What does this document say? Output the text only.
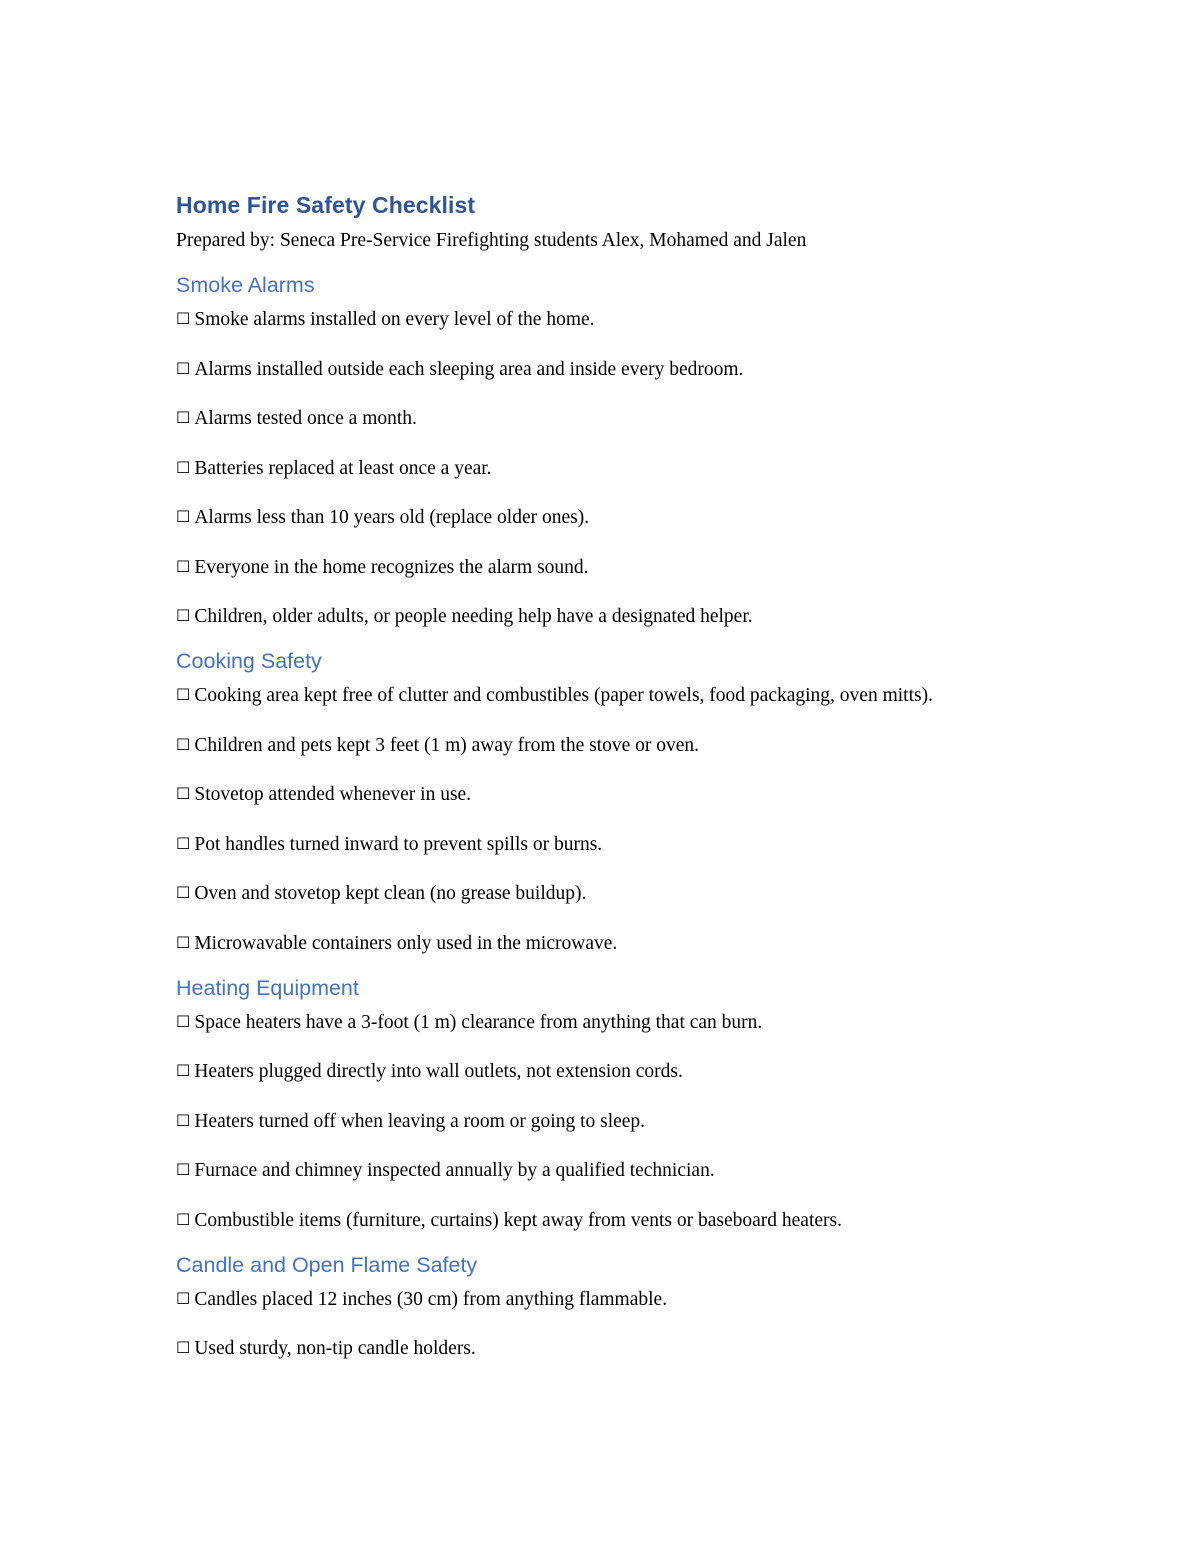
Home Fire Safety Checklist

Prepared by: Seneca Pre-Service Firefighting students Alex, Mohamed and Jalen

Smoke Alarms

☐ Smoke alarms installed on every level of the home.

☐ Alarms installed outside each sleeping area and inside every bedroom.

☐ Alarms tested once a month.

☐ Batteries replaced at least once a year.

☐ Alarms less than 10 years old (replace older ones).

☐ Everyone in the home recognizes the alarm sound.

☐ Children, older adults, or people needing help have a designated helper.

Cooking Safety

☐ Cooking area kept free of clutter and combustibles (paper towels, food packaging, oven mitts).

☐ Children and pets kept 3 feet (1 m) away from the stove or oven.

☐ Stovetop attended whenever in use.

☐ Pot handles turned inward to prevent spills or burns.

☐ Oven and stovetop kept clean (no grease buildup).

☐ Microwavable containers only used in the microwave.

Heating Equipment

☐ Space heaters have a 3-foot (1 m) clearance from anything that can burn.

☐ Heaters plugged directly into wall outlets, not extension cords.

☐ Heaters turned off when leaving a room or going to sleep.

☐ Furnace and chimney inspected annually by a qualified technician.

☐ Combustible items (furniture, curtains) kept away from vents or baseboard heaters.

Candle and Open Flame Safety

☐ Candles placed 12 inches (30 cm) from anything flammable.

☐ Used sturdy, non-tip candle holders.
